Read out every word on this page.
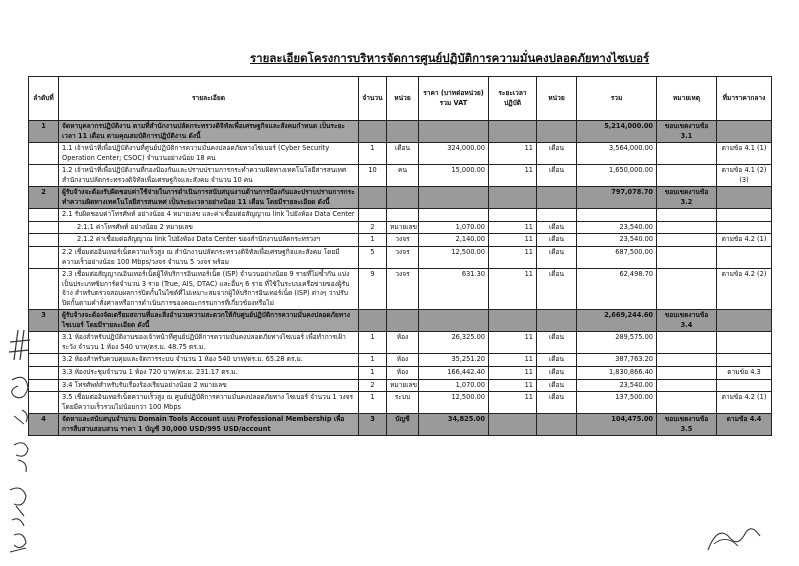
รายละเอียดโครงการบริหารจัดการศูนย์ปฏิบัติการความมั่นคงปลอดภัยทางไซเบอร์
ลำดับที่	รายละเอียด	จำนวน	หน่วย	ราคา (บาทต่อหน่วย) รวม VAT	ระยะเวลา ปฏิบัติ	หน่วย	รวม	หมายเหตุ	ที่มาราคากลาง
1	จัดหาบุคลากรปฏิบัติงาน ตามที่สำนักงานปลัดกระทรวงดิจิทัลเพื่อเศรษฐกิจและสังคมกำหนด เป็นระยะเวลา 11 เดือน ตามคุณสมบัติการปฏิบัติงาน ดังนี้						5,214,000.00	ขอบเขตงานข้อ 3.1	
	1.1 เจ้าหน้าที่เพื่อปฏิบัติงานที่ศูนย์ปฏิบัติการความมั่นคงปลอดภัยทางไซเบอร์ (Cyber Security Operation Center; CSOC) จำนวนอย่างน้อย 18 คน	1	เดือน	324,000.00	11	เดือน	3,564,000.00		ตามข้อ 4.1 (1)
	1.2 เจ้าหน้าที่เพื่อปฏิบัติงานที่กองป้องกันและปราบปรามการกระทำความผิดทางเทคโนโลยีสารสนเทศ สำนักงานปลัดกระทรวงดิจิทัลเพื่อเศรษฐกิจและสังคม จำนวน 10 คน	10	คน	15,000.00	11	เดือน	1,650,000.00		ตามข้อ 4.1 (2)(3)
2	ผู้รับจ้างจะต้องรับผิดชอบค่าใช้จ่ายในการดำเนินการสนับสนุนงานด้านการป้องกันและปราบปรามการกระทำความผิดทางเทคโนโลยีสารสนเทศ เป็นระยะเวลาอย่างน้อย 11 เดือน โดยมีรายละเอียด ดังนี้						797,078.70	ขอบเขตงานข้อ 3.2	
	2.1 รับผิดชอบค่าโทรศัพท์ อย่างน้อย 4 หมายเลข และค่าเชื่อมต่อสัญญาณ link ไปยังห้อง Data Center								
	2.1.1 ค่าโทรศัพท์ อย่างน้อย 2 หมายเลข	2	หมายเลข	1,070.00	11	เดือน	23,540.00		
	2.1.2 ค่าเชื่อมต่อสัญญาณ link ไปยังห้อง Data Center ของสำนักงานปลัดกระทรวงฯ	1	วงจร	2,140.00	11	เดือน	23,540.00		ตามข้อ 4.2 (1)
	2.2 เชื่อมต่ออินเทอร์เน็ตความเร็วสูง ณ สำนักงานปลัดกระทรวงดิจิทัลเพื่อเศรษฐกิจและสังคม โดยมีความเร็วอย่างน้อย 100 Mbps/วงจร จำนวน 5 วงจร พร้อม	5	วงจร	12,500.00	11	เดือน	687,500.00		
	2.3 เชื่อมต่อสัญญาณอินเทอร์เน็ตผู้ให้บริการอินเทอร์เน็ต (ISP) จำนวนอย่างน้อย 9 รายที่ไม่ซ้ำกัน แบ่งเป็นประเภทซิมการ์ดจำนวน 3 ราย (True, AIS, DTAC) และอื่นๆ 6 ราย ที่ใช้ในระบบเครือข่ายของผู้รับจ้าง สำหรับตรวจสอบผลการปิดกั้นในไซต์ที่ไม่เหมาะสมจากผู้ให้บริการอินเทอร์เน็ต (ISP) ต่างๆ ว่าปรับปิดกั้นตามคำสั่งศาลหรือการดำเนินการของคณะกรรมการที่เกี่ยวข้องหรือไม่	9	วงจร	631.30	11	เดือน	62,498.70		ตามข้อ 4.2 (2)
3	ผู้รับจ้างจะต้องจัดเตรียมสถานที่และสิ่งอำนวยความสะดวกให้กับศูนย์ปฏิบัติการความมั่นคงปลอดภัยทางไซเบอร์ โดยมีรายละเอียด ดังนี้						2,669,244.60	ขอบเขตงานข้อ 3.4	
	3.1 ห้องสำหรับปฏิบัติงานของเจ้าหน้าที่ศูนย์ปฏิบัติการความมั่นคงปลอดภัยทางไซเบอร์ เพื่อทำการเฝ้าระวัง จำนวน 1 ห้อง 540 บาท/ตร.ม. 48.75 ตร.ม.	1	ห้อง	26,325.00	11	เดือน	289,575.00		
	3.2 ห้องสำหรับควบคุมและจัดการระบบ จำนวน 1 ห้อง 540 บาท/ตร.ม. 65.28 ตร.ม.	1	ห้อง	35,251.20	11	เดือน	387,763.20		
	3.3 ห้องประชุมจำนวน 1 ห้อง 720 บาท/ตร.ม. 231.17 ตร.ม.	1	ห้อง	166,442.40	11	เดือน	1,830,866.40		ตามข้อ 4.3
	3.4 โทรศัพท์สำหรับรับเรื่องร้องเรียนอย่างน้อย 2 หมายเลข	2	หมายเลข	1,070.00	11	เดือน	23,540.00		
	3.5 เชื่อมต่ออินเทอร์เน็ตความเร็วสูง ณ ศูนย์ปฏิบัติการความมั่นคงปลอดภัยทาง ไซเบอร์ จำนวน 1 วงจร โดยมีความเร็วรวมไม่น้อยกว่า 100 Mbps	1	ระบบ	12,500.00	11	เดือน	137,500.00		ตามข้อ 4.2 (1)
4	จัดหาและสนับสนุนจำนวน Domain Tools Account แบบ Professional Membership เพื่อการสืบสวนสอบสวน ราคา 1 บัญชี 30,000 USD/995 USD/account	3	บัญชี	34,825.00			104,475.00	ขอบเขตงานข้อ 3.5	ตามข้อ 4.4
